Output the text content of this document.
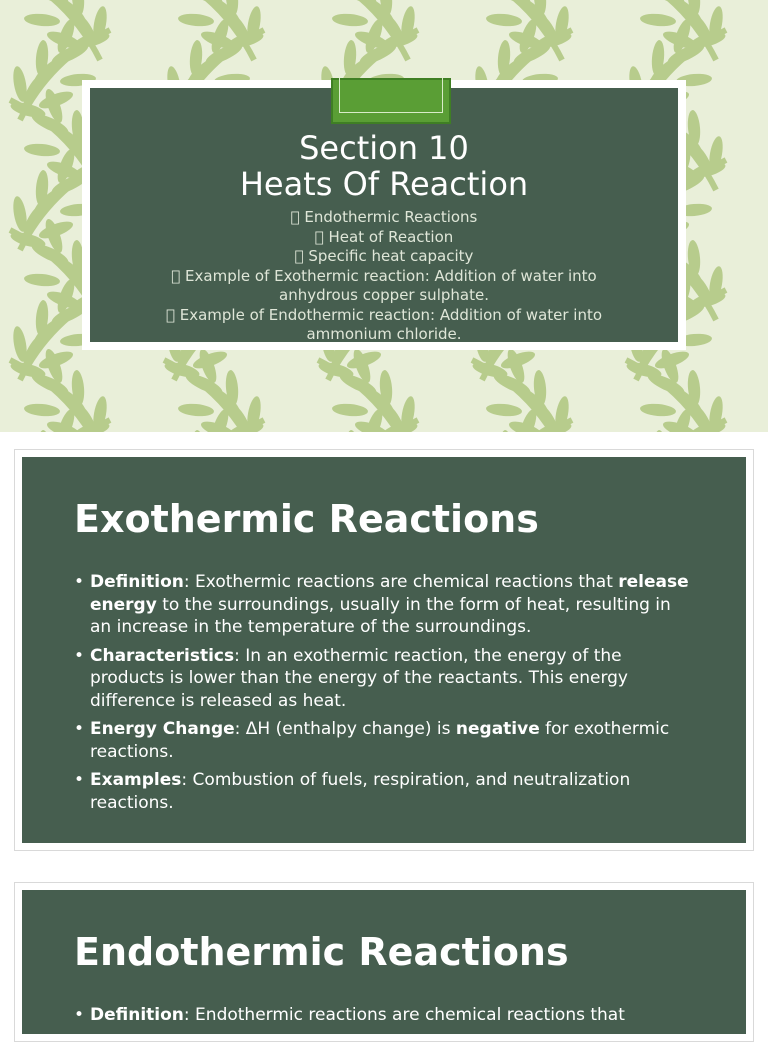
Section 10
Heats Of Reaction
Endothermic Reactions
Heat of Reaction
Specific heat capacity
Example of Exothermic reaction: Addition of water into anhydrous copper sulphate.
Example of Endothermic reaction: Addition of water into ammonium chloride.
Exothermic Reactions
• Definition: Exothermic reactions are chemical reactions that release energy to the surroundings, usually in the form of heat, resulting in an increase in the temperature of the surroundings.
• Characteristics: In an exothermic reaction, the energy of the products is lower than the energy of the reactants. This energy difference is released as heat.
• Energy Change: ΔH (enthalpy change) is negative for exothermic reactions.
• Examples: Combustion of fuels, respiration, and neutralization reactions.
Endothermic Reactions
• Definition: Endothermic reactions are chemical reactions that
